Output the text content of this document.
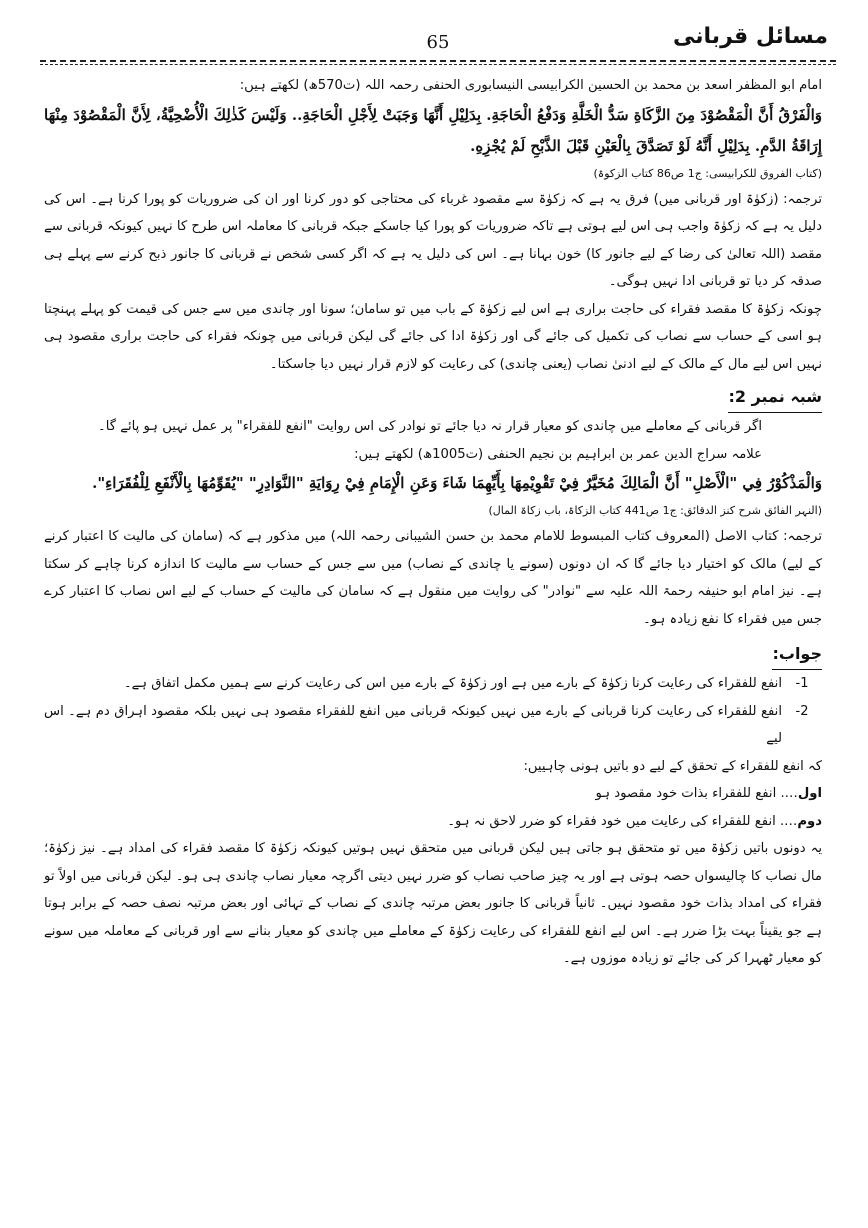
مسائل قربانی
65

امام ابو المظفر اسعد بن محمد بن الحسین الکرابیسی النیسابوری الحنفی رحمہ اللہ (ت570ھ) لکھتے ہیں:

وَالْفَرْقُ أَنَّ الْمَقْصُوْدَ مِنَ الزَّكَاةِ سَدُّ الْخَلَّةِ وَدَفْعُ الْحَاجَةِ. بِدَلِيْلِ أَنَّهَا وَجَبَتْ لِأَجْلِ الْحَاجَةِ.. وَلَيْسَ كَذٰلِكَ الْأُضْحِيَّةُ، لِأَنَّ الْمَقْصُوْدَ مِنْهَا إِرَاقَةُ الدَّمِ. بِدَلِيْلِ أَنَّهُ لَوْ تَصَدَّقَ بِالْعَيْنِ قَبْلَ الذَّبْحِ لَمْ يُجْزِهِ.

(کتاب الفروق للکرابیسی: ج1 ص86 کتاب الزکوۃ)

ترجمہ: (زکوٰۃ اور قربانی میں) فرق یہ ہے کہ زکوٰۃ سے مقصود غرباء کی محتاجی کو دور کرنا اور ان کی ضروریات کو پورا کرنا ہے۔ اس کی دلیل یہ ہے کہ زکوٰۃ واجب ہی اس لیے ہوتی ہے تاکہ ضروریات کو پورا کیا جاسکے جبکہ قربانی کا معاملہ اس طرح کا نہیں کیونکہ قربانی سے مقصد (اللہ تعالیٰ کی رضا کے لیے جانور کا) خون بہانا ہے۔ اس کی دلیل یہ ہے کہ اگر کسی شخص نے قربانی کا جانور ذبح کرنے سے پہلے ہی صدقہ کر دیا تو قربانی ادا نہیں ہوگی۔

چونکہ زکوٰۃ کا مقصد فقراء کی حاجت براری ہے اس لیے زکوٰۃ کے باب میں تو سامان؛ سونا اور چاندی میں سے جس کی قیمت کو پہلے پہنچتا ہو اسی کے حساب سے نصاب کی تکمیل کی جائے گی اور زکوٰۃ ادا کی جائے گی لیکن قربانی میں چونکہ فقراء کی حاجت براری مقصود ہی نہیں اس لیے مال کے مالک کے لیے ادنیٰ نصاب (یعنی چاندی) کی رعایت کو لازم قرار نہیں دیا جاسکتا۔

شبہ نمبر 2:

اگر قربانی کے معاملے میں چاندی کو معیار قرار نہ دیا جائے تو نوادر کی اس روایت "انفع للفقراء" پر عمل نہیں ہو پائے گا۔

علامہ سراج الدین عمر بن ابراہیم بن نجیم الحنفی (ت1005ھ) لکھتے ہیں:

وَالْمَذْكُوْرُ فِي "الْأَصْلِ" أَنَّ الْمَالِكَ مُخَيَّرٌ فِيْ تَقْوِيْمِهَا بِأَيِّهِمَا شَاءَ وَعَنِ الْإِمَامِ فِيْ رِوَايَةِ "النَّوَادِرِ" "يُقَوِّمُهَا بِالْأَنْفَعِ لِلْفُقَرَاءِ".

(النہر الفائق شرح کنز الدقائق: ج1 ص441 کتاب الزکاۃ، باب زکاۃ المال)

ترجمہ: کتاب الاصل (المعروف کتاب المبسوط للامام محمد بن حسن الشیبانی رحمہ اللہ) میں مذکور ہے کہ (سامان کی مالیت کا اعتبار کرنے کے لیے) مالک کو اختیار دیا جائے گا کہ ان دونوں (سونے یا چاندی کے نصاب) میں سے جس کے حساب سے مالیت کا اندازہ کرنا چاہے کر سکتا ہے۔ نیز امام ابو حنیفہ رحمۃ اللہ علیہ سے "نوادر" کی روایت میں منقول ہے کہ سامان کی مالیت کے حساب کے لیے اس نصاب کا اعتبار کرے جس میں فقراء کا نفع زیادہ ہو۔

جواب:
1-
انفع للفقراء کی رعایت کرنا زکوٰۃ کے بارے میں ہے اور زکوٰۃ کے بارے میں اس کی رعایت کرنے سے ہمیں مکمل اتفاق ہے۔
2-
انفع للفقراء کی رعایت کرنا قربانی کے بارے میں نہیں کیونکہ قربانی میں انفع للفقراء مقصود ہی نہیں بلکہ مقصود اہراق دم ہے۔ اس لیے

کہ انفع للفقراء کے تحقق کے لیے دو باتیں ہونی چاہییں:

اول…. انفع للفقراء بذات خود مقصود ہو

دوم…. انفع للفقراء کی رعایت میں خود فقراء کو ضرر لاحق نہ ہو۔

یہ دونوں باتیں زکوٰۃ میں تو متحقق ہو جاتی ہیں لیکن قربانی میں متحقق نہیں ہوتیں کیونکہ زکوٰۃ کا مقصد فقراء کی امداد ہے۔ نیز زکوٰۃ؛ مال نصاب کا چالیسواں حصہ ہوتی ہے اور یہ چیز صاحب نصاب کو ضرر نہیں دیتی اگرچہ معیار نصاب چاندی ہی ہو۔ لیکن قربانی میں اولاً تو فقراء کی امداد بذات خود مقصود نہیں۔ ثانیاً قربانی کا جانور بعض مرتبہ چاندی کے نصاب کے تہائی اور بعض مرتبہ نصف حصہ کے برابر ہوتا ہے جو یقیناً بہت بڑا ضرر ہے۔ اس لیے انفع للفقراء کی رعایت زکوٰۃ کے معاملے میں چاندی کو معیار بنانے سے اور قربانی کے معاملہ میں سونے کو معیار ٹھہرا کر کی جائے تو زیادہ موزوں ہے۔
